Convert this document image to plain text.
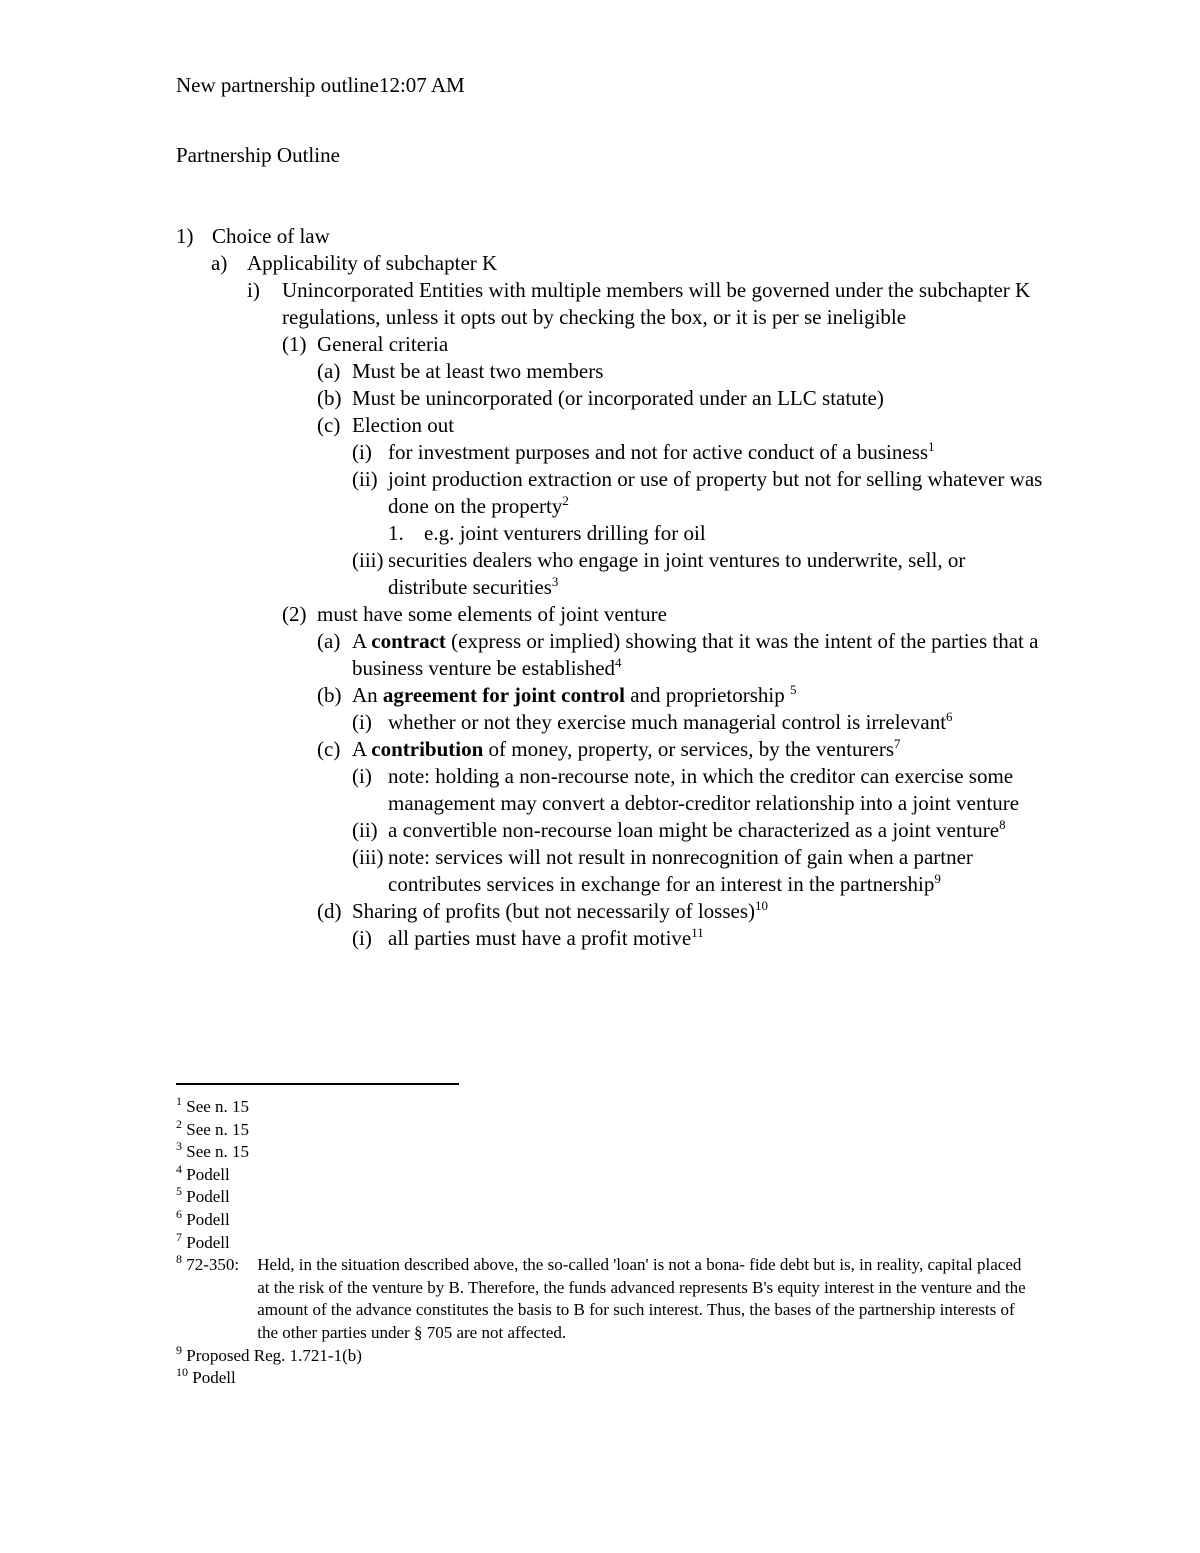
New partnership outline12:07 AM
Partnership Outline
1) Choice of law
a) Applicability of subchapter K
i)	Unincorporated Entities with multiple members will be governed under the subchapter K regulations, unless it opts out by checking the box, or it is per se ineligible
(1) General criteria
(a) Must be at least two members
(b) Must be unincorporated (or incorporated under an LLC statute)
(c) Election out
(i) for investment purposes and not for active conduct of a business$^1$
(ii) joint production extraction or use of property but not for selling whatever was done on the property$^2$
1. e.g. joint venturers drilling for oil
(iii) securities dealers who engage in joint ventures to underwrite, sell, or distribute securities$^3$
(2) must have some elements of joint venture
(a) A contract (express or implied) showing that it was the intent of the parties that a business venture be established$^4$
(b) An agreement for joint control and proprietorship $^5$
(i) whether or not they exercise much managerial control is irrelevant$^6$
(c) A contribution of money, property, or services, by the venturers$^7$
(i) note: holding a non-recourse note, in which the creditor can exercise some management may convert a debtor-creditor relationship into a joint venture
(ii) a convertible non-recourse loan might be characterized as a joint venture$^8$
(iii) note: services will not result in nonrecognition of gain when a partner contributes services in exchange for an interest in the partnership$^9$
(d) Sharing of profits (but not necessarily of losses)$^{10}$
(i) all parties must have a profit motive$^{11}$
$^1$ See n. 15
$^2$ See n. 15
$^3$ See n. 15
$^4$ Podell
$^5$ Podell
$^6$ Podell
$^7$ Podell
$^8$ 72-350:	Held, in the situation described above, the so-called 'loan' is not a bona- fide debt but is, in reality, capital placed at the risk of the venture by B. Therefore, the funds advanced represents B's equity interest in the venture and the amount of the advance constitutes the basis to B for such interest. Thus, the bases of the partnership interests of the other parties under § 705 are not affected.
$^9$ Proposed Reg. 1.721-1(b)
$^{10}$ Podell
